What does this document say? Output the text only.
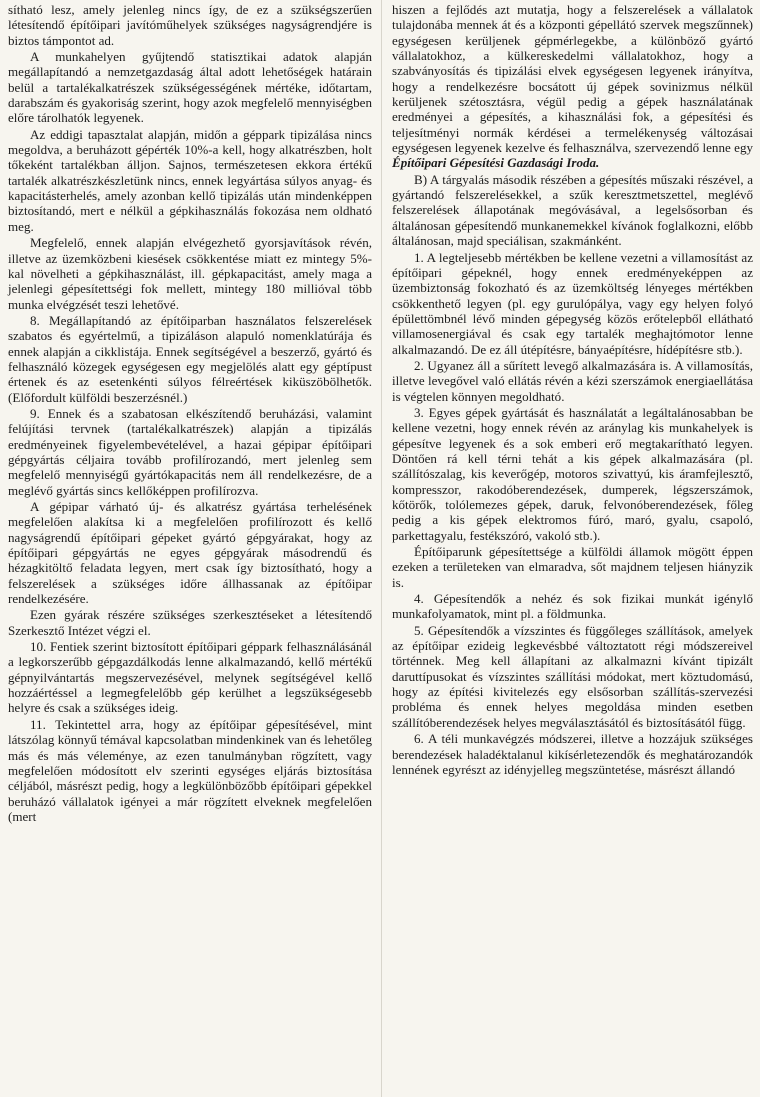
sítható lesz, amely jelenleg nincs így, de ez a szükségszerűen létesítendő építőipari javítóműhelyek szükséges nagyságrendjére is biztos támpontot ad.

A munkahelyen gyűjtendő statisztikai adatok alapján megállapítandó a nemzetgazdaság által adott lehetőségek határain belül a tartalékalkatrészek szükségességének mértéke, időtartam, darabszám és gyakoriság szerint, hogy azok megfelelő mennyiségben előre tárolhatók legyenek.

Az eddigi tapasztalat alapján, midőn a géppark tipizálása nincs megoldva, a beruházott gépérték 10%-a kell, hogy alkatrészben, holt tőkeként tartalékban álljon. Sajnos, természetesen ekkora értékű tartalék alkatrészkészletünk nincs, ennek legyártása súlyos anyag- és kapacitásterhelés, amely azonban kellő tipizálás után mindenképpen biztosítandó, mert e nélkül a gépkihasználás fokozása nem oldható meg.

Megfelelő, ennek alapján elvégezhető gyorsjavítások révén, illetve az üzemközbeni kiesések csökkentése miatt ez mintegy 5%-kal növelheti a gépkihasználást, ill. gépkapacitást, amely maga a jelenlegi gépesítettségi fok mellett, mintegy 180 millióval több munka elvégzését teszi lehetővé.

8. Megállapítandó az építőiparban használatos felszerelések szabatos és egyértelmű, a tipizáláson alapuló nomenklatúrája és ennek alapján a cikklistája. Ennek segítségével a beszerző, gyártó és felhasználó közegek egységesen egy megjelölés alatt egy géptípust értenek és az esetenkénti súlyos félreértések kiküszöbölhetők. (Előfordult külföldi beszerzésnél.)

9. Ennek és a szabatosan elkészítendő beruházási, valamint felújítási tervnek (tartalékalkatrészek) alapján a tipizálás eredményeinek figyelembevételével, a hazai gépipar építőipari gépgyártás céljaira tovább profilírozandó, mert jelenleg sem megfelelő mennyiségű gyártókapacitás nem áll rendelkezésre, de a meglévő gyártás sincs kellőképpen profilírozva.

A gépipar várható új- és alkatrész gyártása terhelésének megfelelően alakítsa ki a megfelelően profilírozott és kellő nagyságrendű építőipari gépeket gyártó gépgyárakat, hogy az építőipari gépgyártás ne egyes gépgyárak másodrendű és hézagkitöltő feladata legyen, mert csak így biztosítható, hogy a felszerelések a szükséges időre állhassanak az építőipar rendelkezésére.

Ezen gyárak részére szükséges szerkesztéseket a létesítendő Szerkesztő Intézet végzi el.

10. Fentiek szerint biztosított építőipari géppark felhasználásánál a legkorszerűbb gépgazdálkodás lenne alkalmazandó, kellő mértékű gépnyilvántartás megszervezésével, melynek segítségével kellő hozzáértéssel a legmegfelelőbb gép kerülhet a legszükségesebb helyre és csak a szükséges ideig.

11. Tekintettel arra, hogy az építőipar gépesítésével, mint látszólag könnyű témával kapcsolatban mindenkinek van és lehetőleg más és más véleménye, az ezen tanulmányban rögzített, vagy megfelelően módosított elv szerinti egységes eljárás biztosítása céljából, másrészt pedig, hogy a legkülönbözőbb építőipari gépekkel beruházó vállalatok igényei a már rögzített elveknek megfelelően (mert

hiszen a fejlődés azt mutatja, hogy a felszerelések a vállalatok tulajdonába mennek át és a központi gépellátó szervek megszűnnek) egységesen kerüljenek gépmérlegekbe, a különböző gyártó vállalatokhoz, a külkereskedelmi vállalatokhoz, hogy a szabványosítás és tipizálási elvek egységesen legyenek irányítva, hogy a rendelkezésre bocsátott új gépek sovinizmus nélkül kerüljenek szétosztásra, végül pedig a gépek használatának eredményei a gépesítés, a kihasználási fok, a gépesítési és teljesítményi normák kérdései a termelékenység változásai egységesen legyenek kezelve és felhasználva, szervezendő lenne egy Építőipari Gépesítési Gazdasági Iroda.

B) A tárgyalás második részében a gépesítés műszaki részével, a gyártandó felszerelésekkel, a szűk keresztmetszettel, meglévő felszerelések állapotának megóvásával, a legelsősorban és általánosan gépesítendő munkanemekkel kívánok foglalkozni, előbb általánosan, majd speciálisan, szakmánként.

1. A legteljesebb mértékben be kellene vezetni a villamosítást az építőipari gépeknél, hogy ennek eredményeképpen az üzembiztonság fokozható és az üzemköltség lényeges mértékben csökkenthető legyen (pl. egy gurulópálya, vagy egy helyen folyó épülettömbnél lévő minden gépegység közös erőtelepből ellátható villamosenergiával és csak egy tartalék meghajtómotor lenne alkalmazandó. De ez áll útépítésre, bányaépítésre, hídépítésre stb.).

2. Ugyanez áll a sűrített levegő alkalmazására is. A villamosítás, illetve levegővel való ellátás révén a kézi szerszámok energiaellátása is végtelen könnyen megoldható.

3. Egyes gépek gyártását és használatát a legáltalánosabban be kellene vezetni, hogy ennek révén az aránylag kis munkahelyek is gépesítve legyenek és a sok emberi erő megtakarítható legyen. Döntően rá kell térni tehát a kis gépek alkalmazására (pl. szállítószalag, kis keverőgép, motoros szivattyú, kis áramfejlesztő, kompresszor, rakodóberendezések, dumperek, légszerszámok, kőtörők, tolólemezes gépek, daruk, felvonóberendezések, főleg pedig a kis gépek elektromos fúró, maró, gyalu, csapoló, parkettagyalu, festékszóró, vakoló stb.).

Építőiparunk gépesítettsége a külföldi államok mögött éppen ezeken a területeken van elmaradva, sőt majdnem teljesen hiányzik is.

4. Gépesítendők a nehéz és sok fizikai munkát igénylő munkafolyamatok, mint pl. a földmunka.

5. Gépesítendők a vízszintes és függőleges szállítások, amelyek az építőipar ezideig legkevésbbé változtatott régi módszereivel történnek. Meg kell állapítani az alkalmazni kívánt tipizált daruttípusokat és vízszintes szállítási módokat, mert köztudomású, hogy az építési kivitelezés egy elsősorban szállítás-szervezési probléma és ennek helyes megoldása minden esetben szállítóberendezések helyes megválasztásától és biztosításától függ.

6. A téli munkavégzés módszerei, illetve a hozzájuk szükséges berendezések haladéktalanul kikísérletezendők és meghatározandók lennének egyrészt az idényjelleg megszüntetése, másrészt állandó
